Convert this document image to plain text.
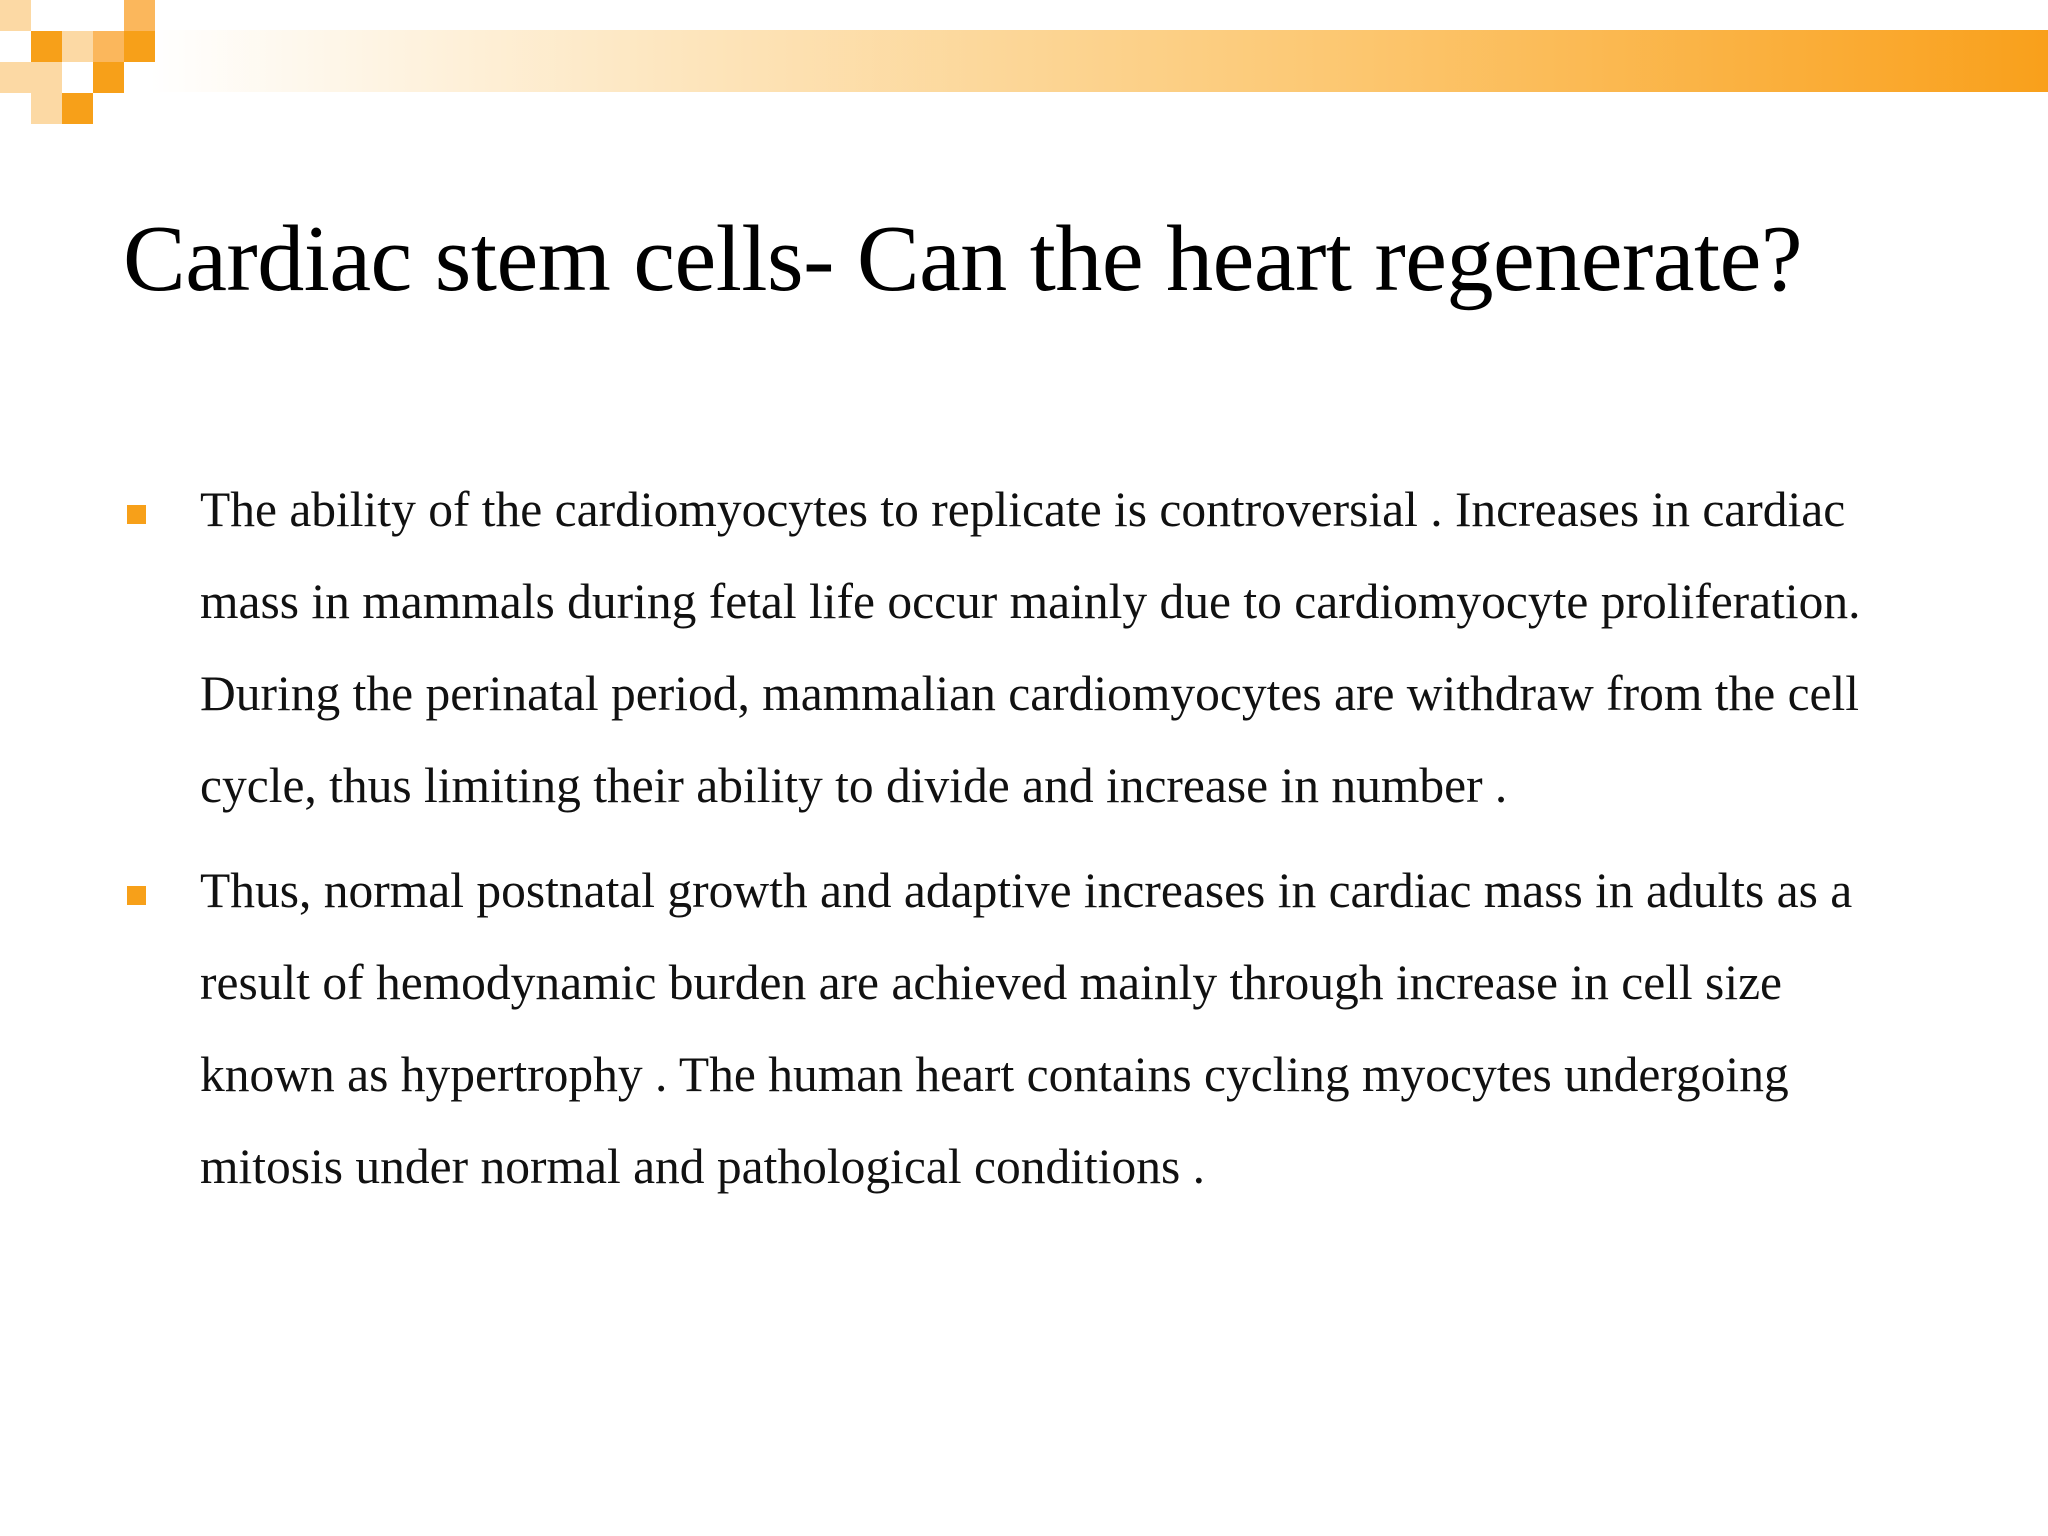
Cardiac stem cells- Can the heart regenerate?

The ability of the cardiomyocytes to replicate is controversial . Increases in cardiac

mass in mammals during fetal life occur mainly due to cardiomyocyte proliferation.

During the perinatal period, mammalian cardiomyocytes are withdraw from the cell

cycle, thus limiting their ability to divide and increase in number .

Thus, normal postnatal growth and adaptive increases in cardiac mass in adults as a

result of hemodynamic burden are achieved mainly through increase in cell size

known as hypertrophy . The human heart contains cycling myocytes undergoing

mitosis under normal and pathological conditions .
